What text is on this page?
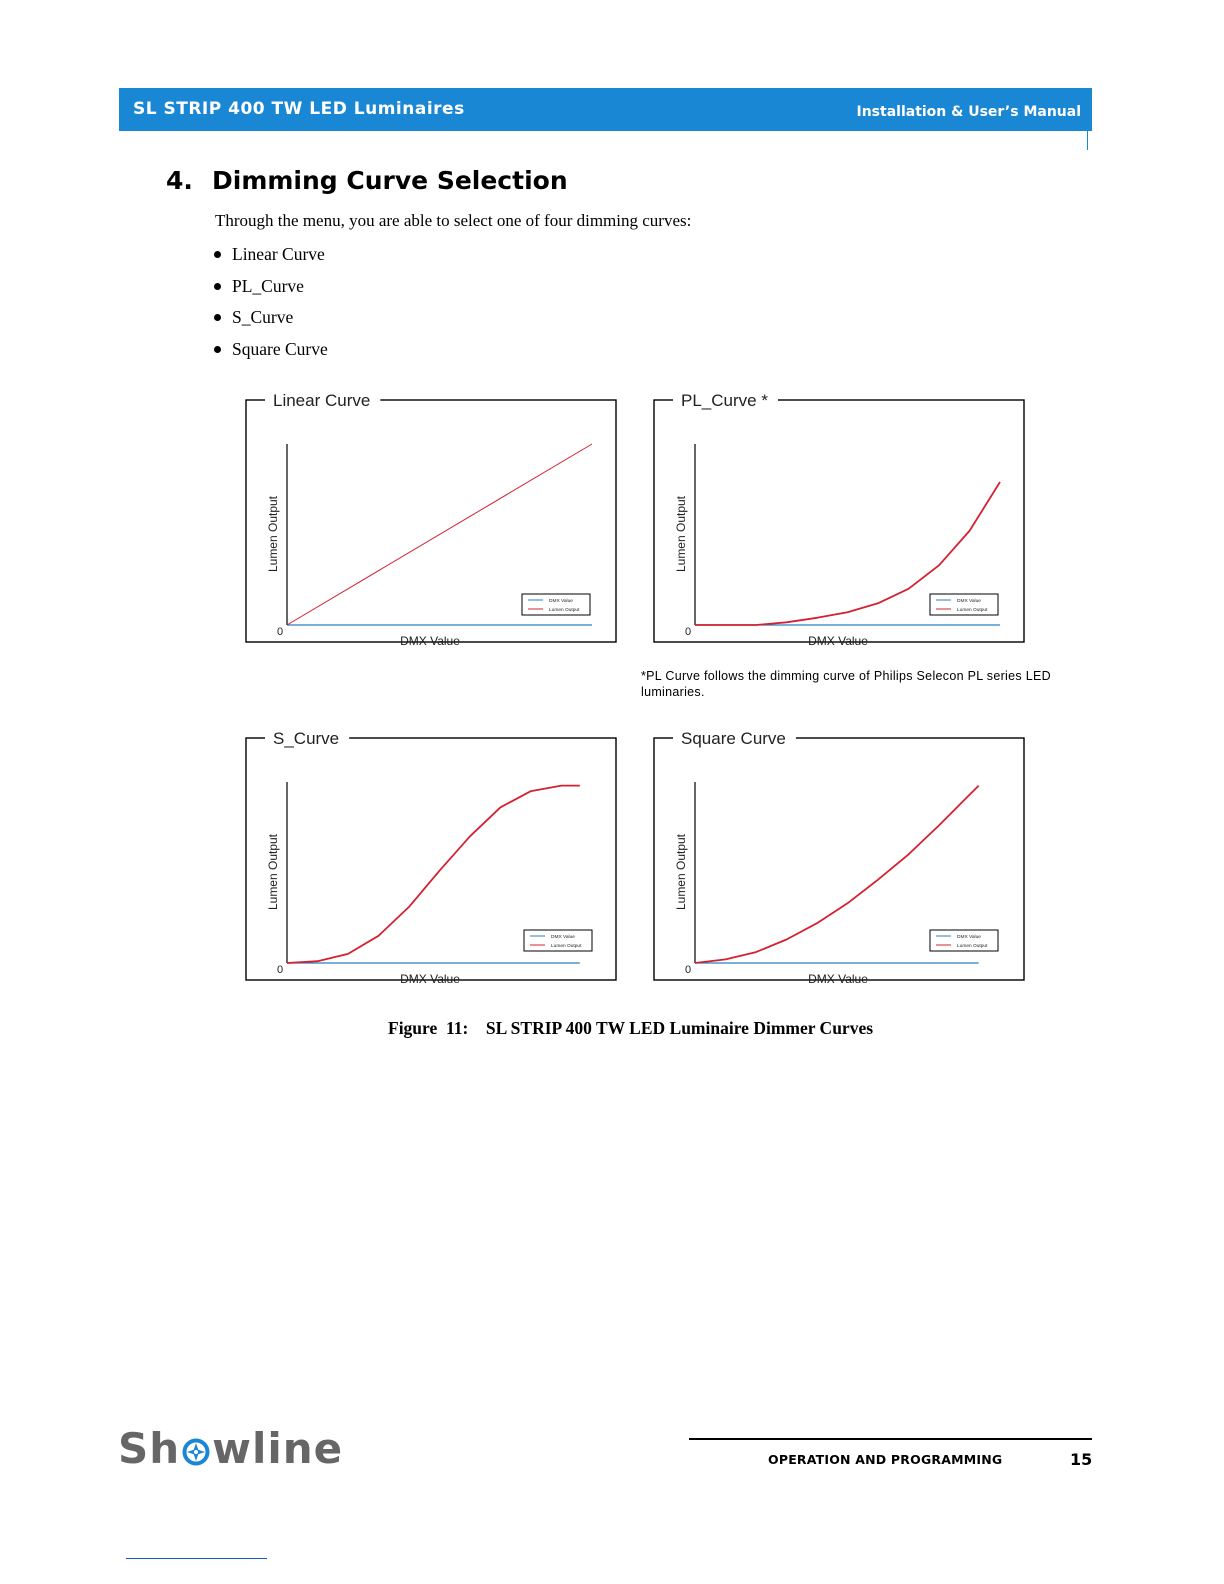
SL STRIP 400 TW LED Luminaires	Installation & User’s Manual
4. Dimming Curve Selection
Through the menu, you are able to select one of four dimming curves:
Linear Curve
PL_Curve
S_Curve
Square Curve
Linear Curve
0
DMX Value
Lumen Output
DMX Value
Lumen Output
PL_Curve *
0
DMX Value
Lumen Output
DMX Value
Lumen Output
S_Curve
0
DMX Value
Lumen Output
DMX Value
Lumen Output
Square Curve
0
DMX Value
Lumen Output
DMX Value
Lumen Output
*PL Curve follows the dimming curve of Philips Selecon PL series LED luminaries.
Figure  11:    SL STRIP 400 TW LED Luminaire Dimmer Curves
Sh wline	OPERATION AND PROGRAMMING	15
